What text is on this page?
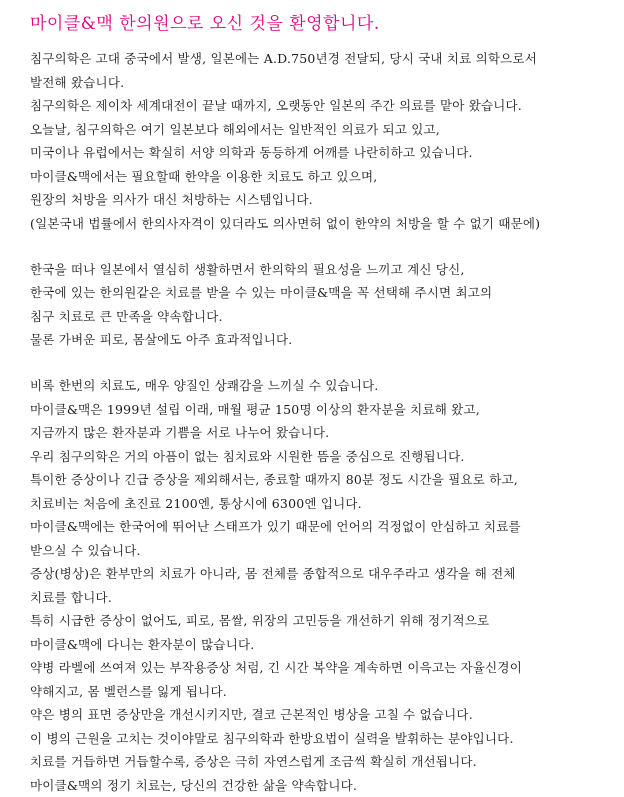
마이클&맥 한의원으로 오신 것을 환영합니다.
침구의학은 고대 중국에서 발생, 일본에는 A.D.750년경 전달되, 당시 국내 치료 의학으로서
발전해 왔습니다.
침구의학은 제이차 세계대전이 끝날 때까지, 오랫동안 일본의 주간 의료를 맡아 왔습니다.
오늘날, 침구의학은 여기 일본보다 해외에서는 일반적인 의료가 되고 있고,
미국이나 유럽에서는 확실히 서양 의학과 동등하게 어깨를 나란히하고 있습니다.
마이클&맥에서는 필요할때 한약을 이용한 치료도 하고 있으며,
원장의 처방을 의사가 대신 처방하는 시스템입니다.
(일본국내 법률에서 한의사자격이 있더라도 의사면허 없이 한약의 처방을 할 수 없기 때문에)
한국을 떠나 일본에서 열심히 생활하면서 한의학의 필요성을 느끼고 계신 당신,
한국에 있는 한의원같은 치료를 받을 수 있는 마이클&맥을 꼭 선택해 주시면 최고의
침구 치료로 큰 만족을 약속합니다.
물론 가벼운 피로, 몸살에도 아주 효과적입니다.
비록 한번의 치료도, 매우 양질인 상쾌감을 느끼실 수 있습니다.
마이클&맥은 1999년 설립 이래, 매월 평균 150명 이상의 환자분을 치료해 왔고,
지금까지 많은 환자분과 기쁨을 서로 나누어 왔습니다.
우리 침구의학은 거의 아픔이 없는 침치료와 시원한 뜸을 중심으로 진행됩니다.
특이한 증상이나 긴급 증상을 제외해서는, 종료할 때까지 80분 정도 시간을 필요로 하고,
치료비는 처음에 초진료 2100엔, 통상시에 6300엔 입니다.
마이클&맥에는 한국어에 뛰어난 스태프가 있기 때문에 언어의 걱정없이 안심하고 치료를
받으실 수 있습니다.
증상(병상)은 환부만의 치료가 아니라, 몸 전체를 종합적으로 대우주라고 생각을 해 전체
치료를 합니다.
특히 시급한 증상이 없어도, 피로, 몸쌀, 위장의 고민등을 개선하기 위해 정기적으로
마이클&맥에 다니는 환자분이 많습니다.
약병 라벨에 쓰여져 있는 부작용증상 처럼, 긴 시간 복약을 계속하면 이윽고는 자율신경이
약해지고, 몸 벨런스를 잃게 됩니다.
약은 병의 표면 증상만을 개선시키지만, 결코 근본적인 병상을 고칠 수 없습니다.
이 병의 근원을 고치는 것이야말로 침구의학과 한방요법이 실력을 발휘하는 분야입니다.
치료를 거듭하면 거듭할수록, 증상은 극히 자연스럽게 조금씩 확실히 개선됩니다.
마이클&맥의 정기 치료는, 당신의 건강한 삶을 약속합니다.
